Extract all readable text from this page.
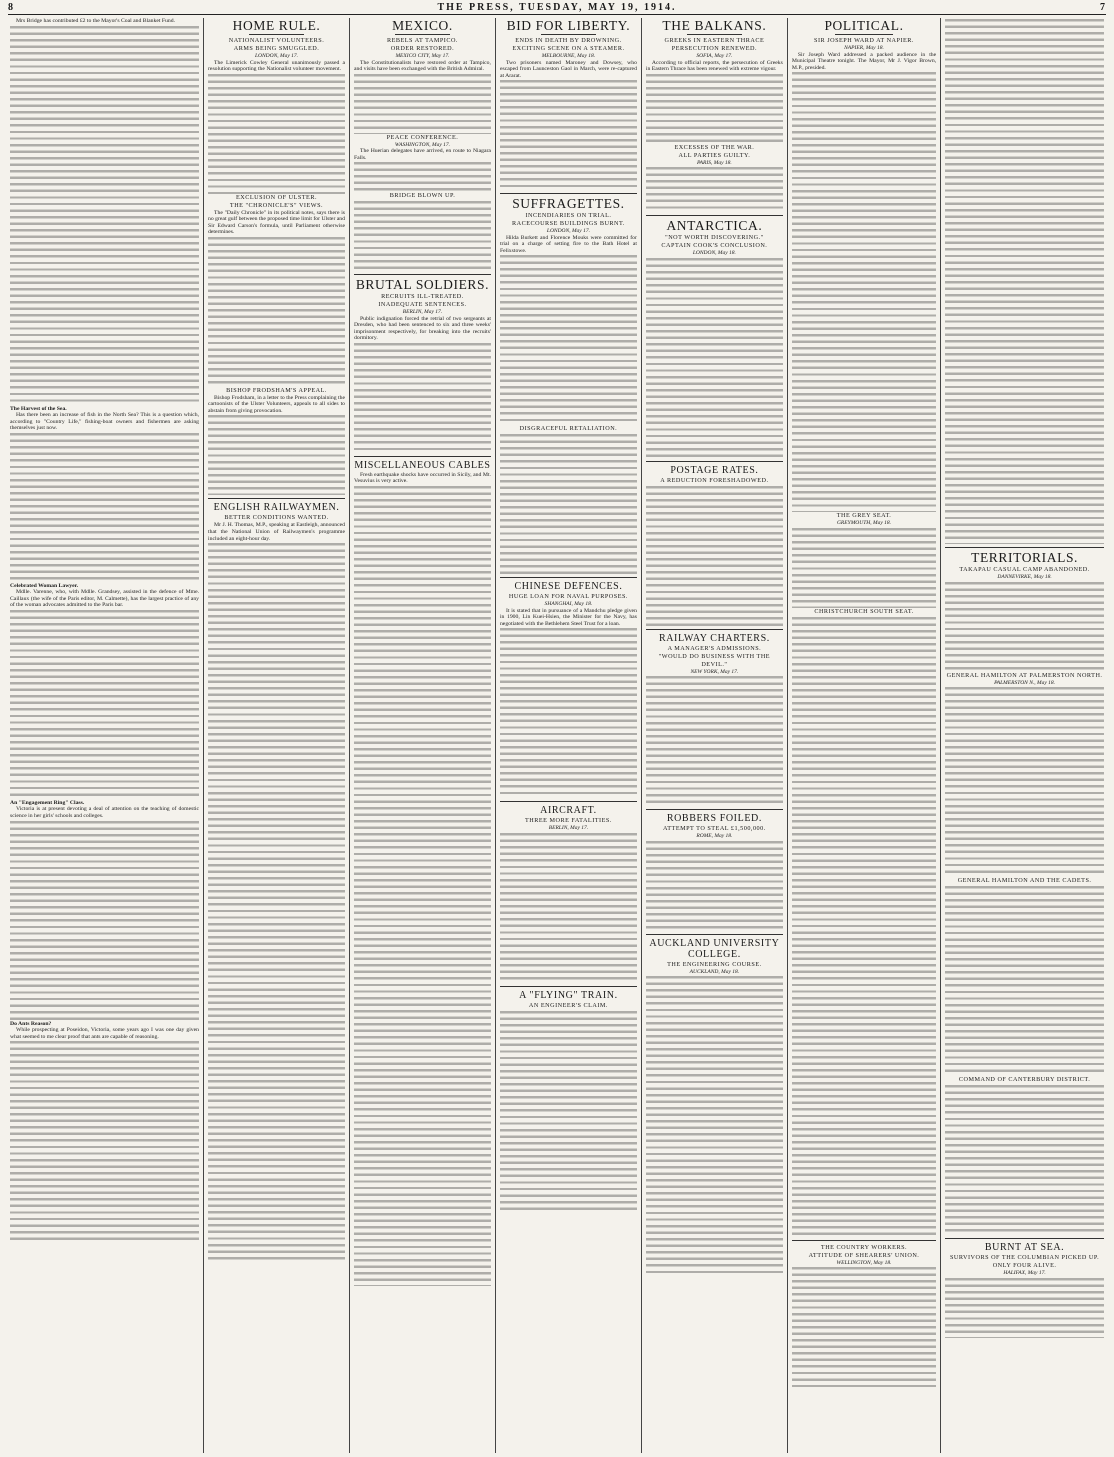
8	THE PRESS, TUESDAY, MAY 19, 1914.	7

Mrs Bridge has contributed £2 to the Mayor's Coal and Blanket Fund.

The Harvest of the Sea.

Has there been an increase of fish in the North Sea? This is a question which, according to "Country Life," fishing-boat owners and fishermen are asking themselves just now.

Celebrated Woman Lawyer.

Mdlle. Varenne, who, with Mdlle. Grandsey, assisted in the defence of Mme. Caillaux (the wife of the Paris editor, M. Calmette), has the largest practice of any of the woman advocates admitted to the Paris bar.

An "Engagement Ring" Class.

Victoria is at present devoting a deal of attention on the teaching of domestic science in her girls' schools and colleges.

Do Ants Reason?

While prospecting at Poseidon, Victoria, some years ago I was one day given what seemed to me clear proof that ants are capable of reasoning.

HOME RULE.
NATIONALIST VOLUNTEERS.
ARMS BEING SMUGGLED.
LONDON, May 17.

The Limerick Cowley General unanimously passed a resolution supporting the Nationalist volunteer movement.

EXCLUSION OF ULSTER.
THE "CHRONICLE'S" VIEWS.

The "Daily Chronicle" in its political notes, says there is no great gulf between the proposed time limit for Ulster and Sir Edward Carson's formula, until Parliament otherwise determines.

BISHOP FRODSHAM'S APPEAL.

Bishop Frodsham, in a letter to the Press complaining the cartoonists of the Ulster Volunteers, appeals to all sides to abstain from giving provocation.

ENGLISH RAILWAYMEN.
BETTER CONDITIONS WANTED.

Mr J. H. Thomas, M.P., speaking at Eastleigh, announced that the National Union of Railwaymen's programme included an eight-hour day.

MEXICO.
REBELS AT TAMPICO.
ORDER RESTORED.
MEXICO CITY, May 17.

The Constitutionalists have restored order at Tampico, and visits have been exchanged with the British Admiral.

PEACE CONFERENCE.
WASHINGTON, May 17.

The Huerian delegates have arrived, en route to Niagara Falls.

BRIDGE BLOWN UP.
BRUTAL SOLDIERS.
RECRUITS ILL-TREATED.
INADEQUATE SENTENCES.
BERLIN, May 17.

Public indignation forced the retrial of two sergeants at Dresden, who had been sentenced to six and three weeks' imprisonment respectively, for breaking into the recruits' dormitory.

MISCELLANEOUS CABLES

Fresh earthquake shocks have occurred in Sicily, and Mt. Vesuvius is very active.

BID FOR LIBERTY.
ENDS IN DEATH BY DROWNING.
EXCITING SCENE ON A STEAMER.
MELBOURNE, May 18.

Two prisoners named Maroney and Dowsey, who escaped from Launceston Gaol in March, were re-captured at Ararat.

SUFFRAGETTES.
INCENDIARIES ON TRIAL.
RACECOURSE BUILDINGS BURNT.
LONDON, May 17.

Hilda Burkett and Florence Mouks were committed for trial on a charge of setting fire to the Bath Hotel at Felixstowe.

DISGRACEFUL RETALIATION.
CHINESE DEFENCES.
HUGE LOAN FOR NAVAL PURPOSES.
SHANGHAI, May 18.

It is stated that in pursuance of a Mandchu pledge given in 1900, Lin Kuei-Hsien, the Minister for the Navy, has negotiated with the Bethlehem Steel Trust for a loan.

AIRCRAFT.
THREE MORE FATALITIES.
BERLIN, May 17.
A "FLYING" TRAIN.
AN ENGINEER'S CLAIM.
THE BALKANS.
GREEKS IN EASTERN THRACE
PERSECUTION RENEWED.
SOFIA, May 17.

According to official reports, the persecution of Greeks in Eastern Thrace has been renewed with extreme vigour.

EXCESSES OF THE WAR.
ALL PARTIES GUILTY.
PARIS, May 18.
ANTARCTICA.
"NOT WORTH DISCOVERING."
CAPTAIN COOK'S CONCLUSION.
LONDON, May 18.
POSTAGE RATES.
A REDUCTION FORESHADOWED.
RAILWAY CHARTERS.
A MANAGER'S ADMISSIONS.
"WOULD DO BUSINESS WITH THE DEVIL."
NEW YORK, May 17.
ROBBERS FOILED.
ATTEMPT TO STEAL £1,500,000.
ROME, May 18.
AUCKLAND UNIVERSITY COLLEGE.
THE ENGINEERING COURSE.
AUCKLAND, May 18.
POLITICAL.
SIR JOSEPH WARD AT NAPIER.
NAPIER, May 18.

Sir Joseph Ward addressed a packed audience in the Municipal Theatre tonight. The Mayor, Mr J. Vigor Brown, M.P., presided.

THE GREY SEAT.
GREYMOUTH, May 18.
CHRISTCHURCH SOUTH SEAT.
THE COUNTRY WORKERS.
ATTITUDE OF SHEARERS' UNION.
WELLINGTON, May 18.
TERRITORIALS.
TAKAPAU CASUAL CAMP ABANDONED.
DANNEVIRKE, May 18.
GENERAL HAMILTON AT PALMERSTON NORTH.
PALMERSTON N., May 18.
GENERAL HAMILTON AND THE CADETS.
COMMAND OF CANTERBURY DISTRICT.
BURNT AT SEA.
SURVIVORS OF THE COLUMBIAN PICKED UP.
ONLY FOUR ALIVE.
HALIFAX, May 17.
